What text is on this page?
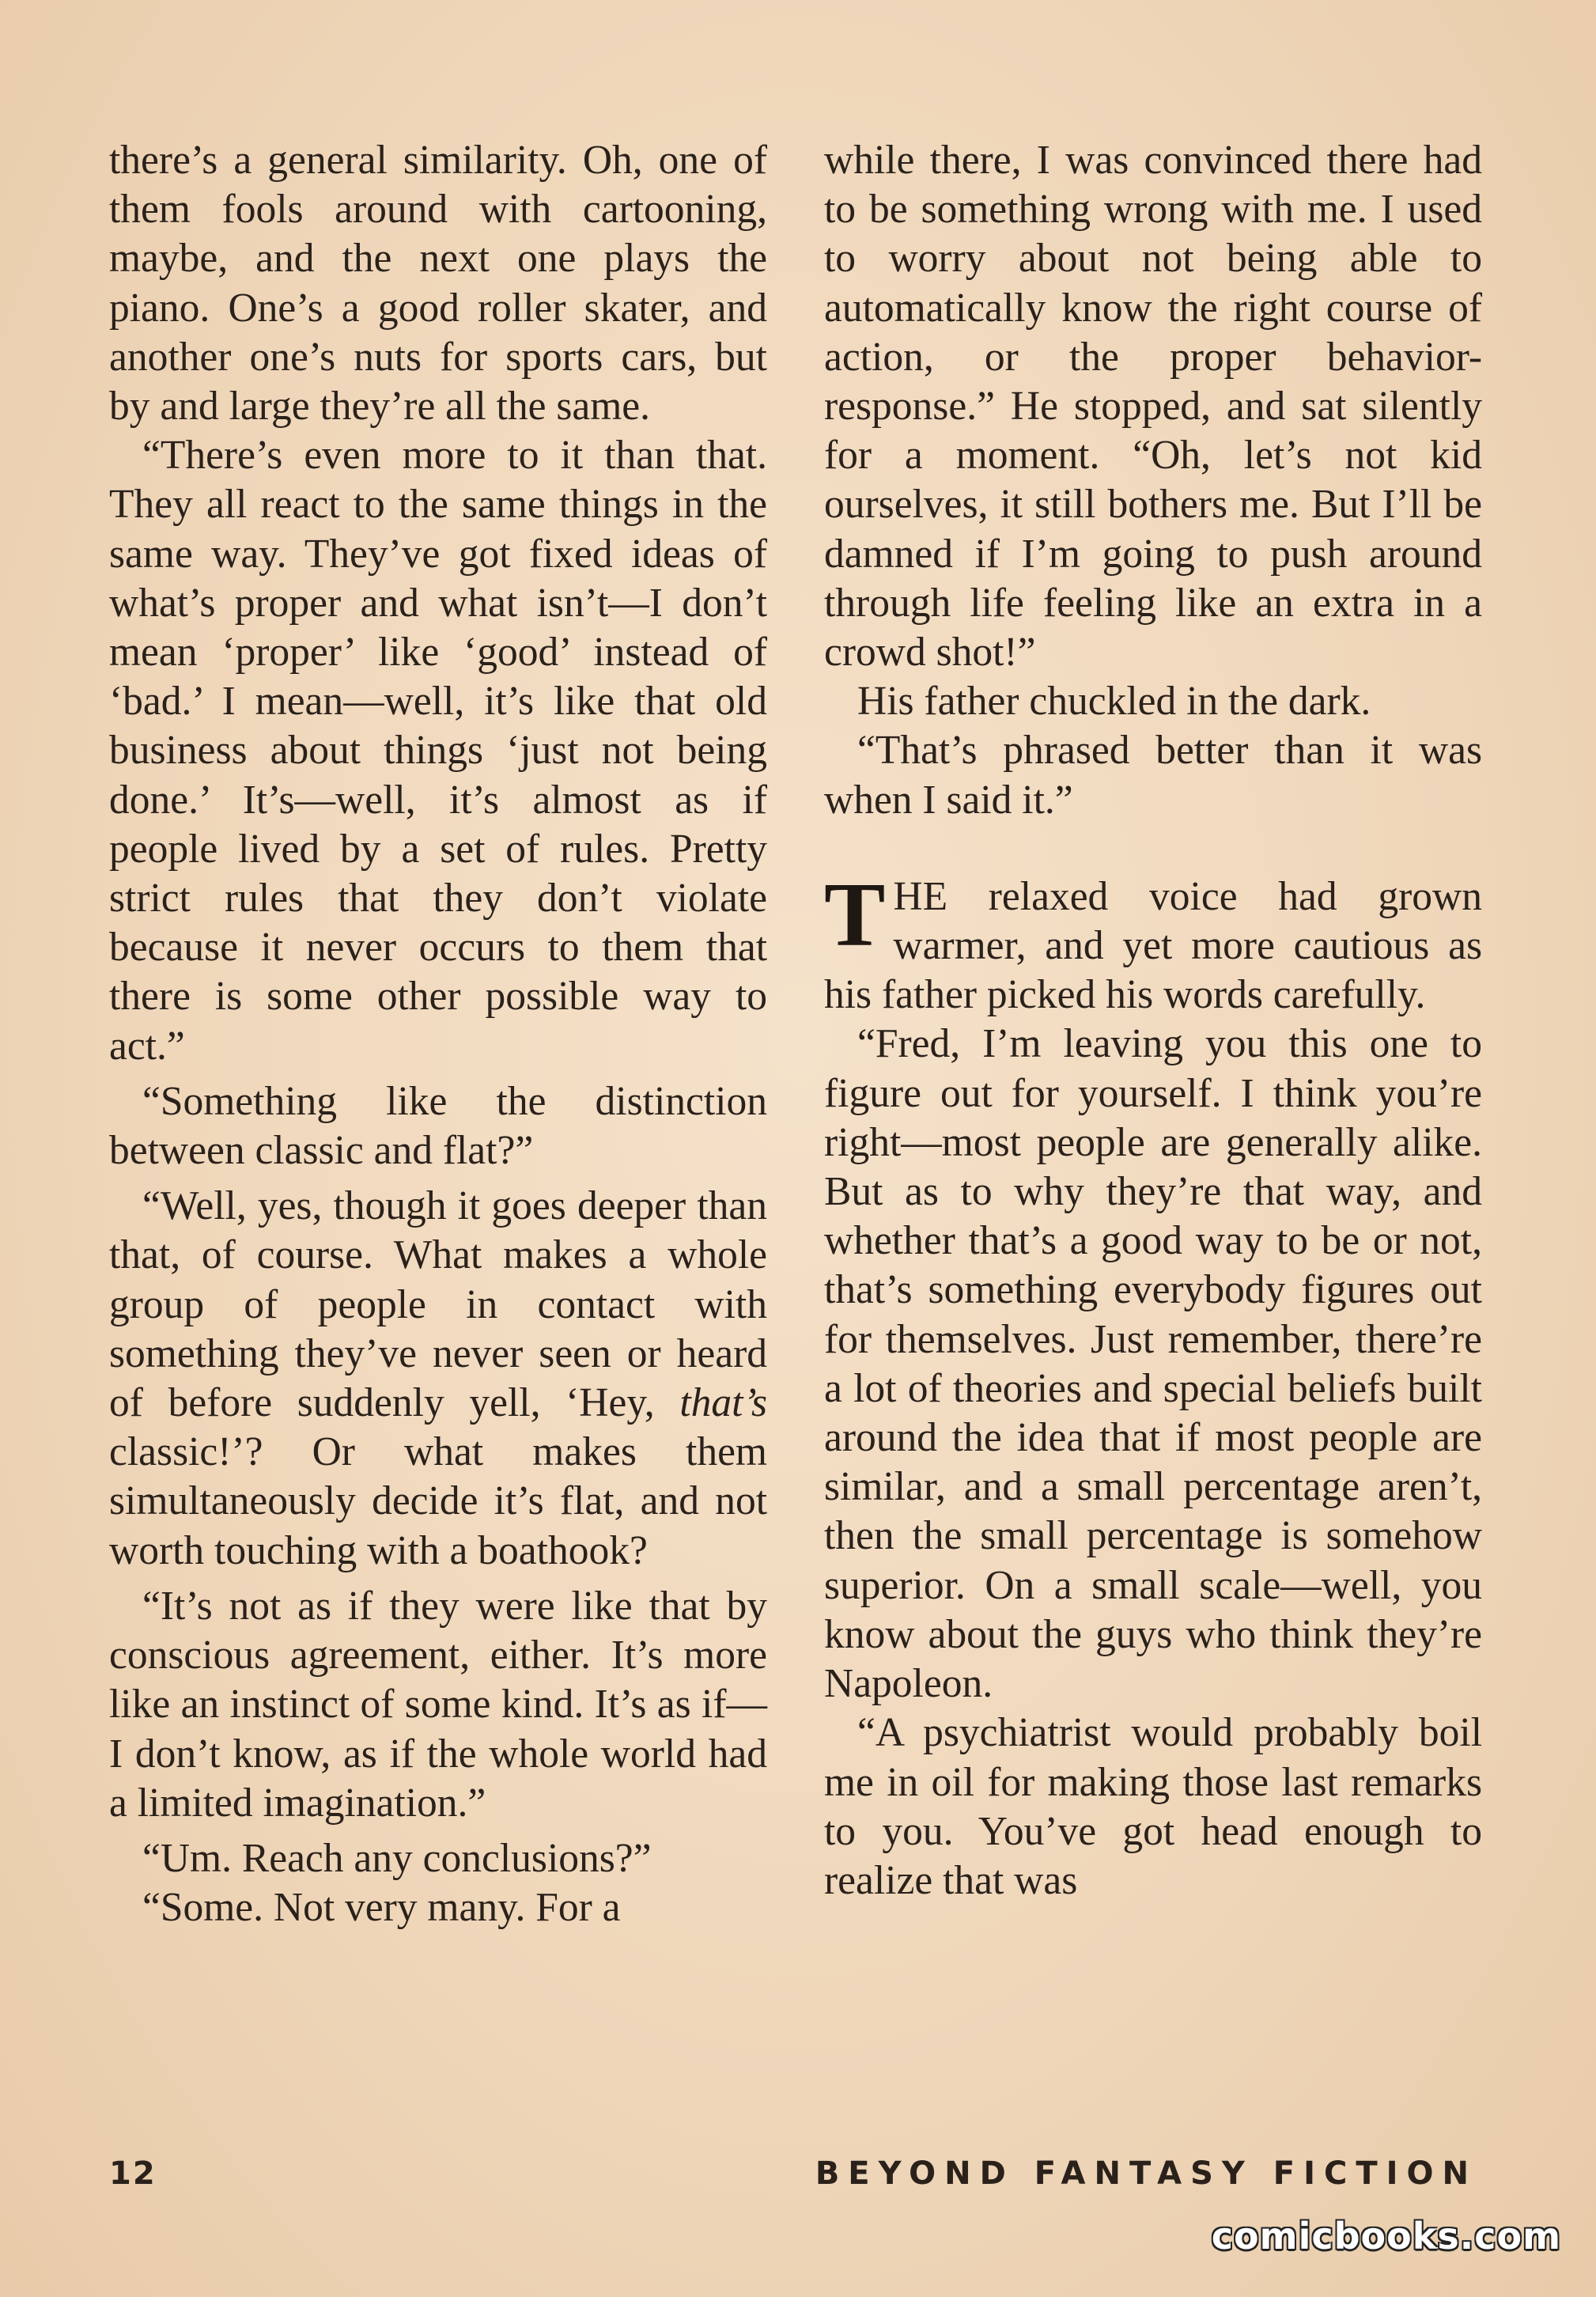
there’s a general similarity. Oh, one of them fools around with cartooning, maybe, and the next one plays the piano. One’s a good roller skater, and another one’s nuts for sports cars, but by and large they’re all the same.

“There’s even more to it than that. They all react to the same things in the same way. They’ve got fixed ideas of what’s proper and what isn’t—I don’t mean ‘proper’ like ‘good’ instead of ‘bad.’ I mean—well, it’s like that old business about things ‘just not being done.’ It’s—well, it’s almost as if people lived by a set of rules. Pretty strict rules that they don’t violate because it never occurs to them that there is some other possible way to act.”

“Something like the distinction between classic and flat?”

“Well, yes, though it goes deeper than that, of course. What makes a whole group of people in contact with something they’ve never seen or heard of before suddenly yell, ‘Hey, that’s classic!’? Or what makes them simultaneously decide it’s flat, and not worth touching with a boathook?

“It’s not as if they were like that by conscious agreement, either. It’s more like an instinct of some kind. It’s as if—I don’t know, as if the whole world had a limited imagination.”

“Um. Reach any conclusions?”

“Some. Not very many. For a

while there, I was convinced there had to be something wrong with me. I used to worry about not being able to automatically know the right course of action, or the proper behavior-response.” He stopped, and sat silently for a moment. “Oh, let’s not kid ourselves, it still bothers me. But I’ll be damned if I’m going to push around through life feeling like an extra in a crowd shot!”

His father chuckled in the dark.

“That’s phrased better than it was when I said it.”

THE relaxed voice had grown warmer, and yet more cautious as his father picked his words carefully.

“Fred, I’m leaving you this one to figure out for yourself. I think you’re right—most people are generally alike. But as to why they’re that way, and whether that’s a good way to be or not, that’s something everybody figures out for themselves. Just remember, there’re a lot of theories and special beliefs built around the idea that if most people are similar, and a small percentage aren’t, then the small percentage is somehow superior. On a small scale—well, you know about the guys who think they’re Napoleon.

“A psychiatrist would probably boil me in oil for making those last remarks to you. You’ve got head enough to realize that was

12	BEYOND FANTASY FICTION
comicbooks.com
